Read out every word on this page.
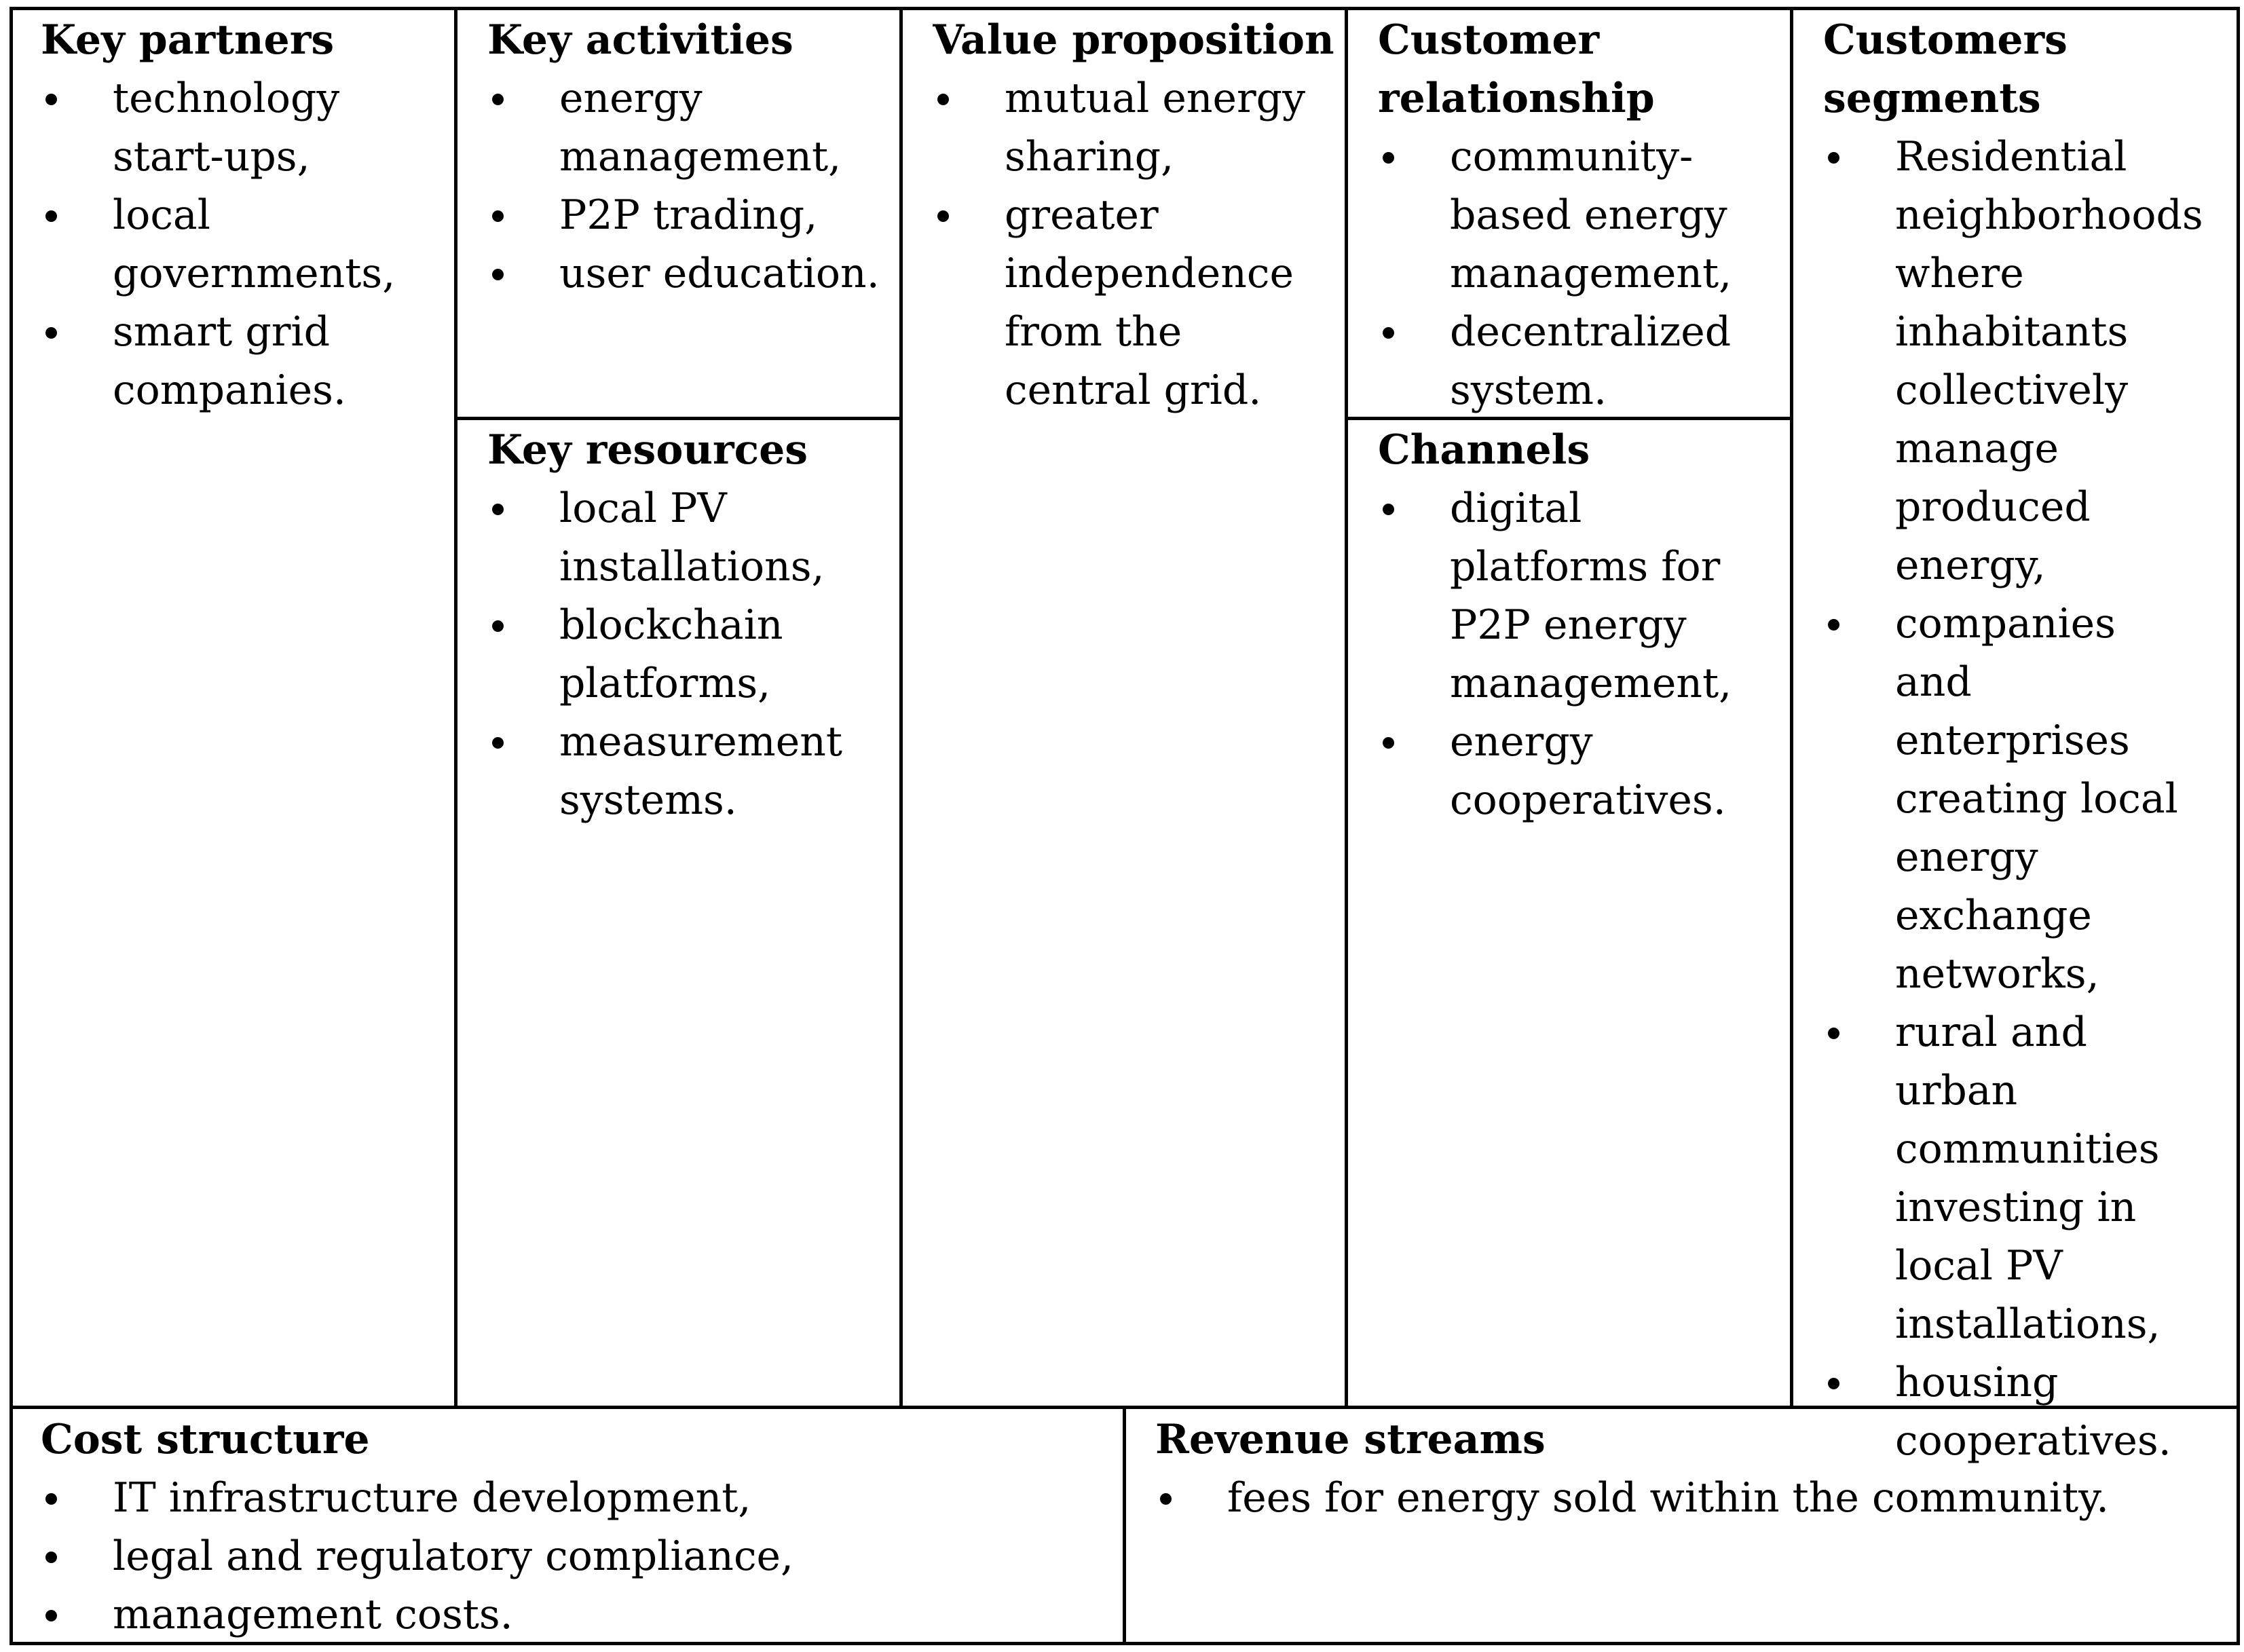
Key partners
technology
start-ups,
local
governments,
smart grid
companies.
Key activities
energy
management,
P2P trading,
user education.
Key resources
local PV
installations,
blockchain
platforms,
measurement
systems.
Value proposition
mutual energy
sharing,
greater
independence
from the
central grid.
Customer
relationship
community-
based energy
management,
decentralized
system.
Channels
digital
platforms for
P2P energy
management,
energy
cooperatives.
Customers
segments
Residential
neighborhoods
where
inhabitants
collectively
manage
produced
energy,
companies and
enterprises
creating local
energy
exchange
networks,
rural and
urban
communities
investing in
local PV
installations,
housing
cooperatives.
Cost structure
IT infrastructure development,
legal and regulatory compliance,
management costs.
Revenue streams
fees for energy sold within the community.
